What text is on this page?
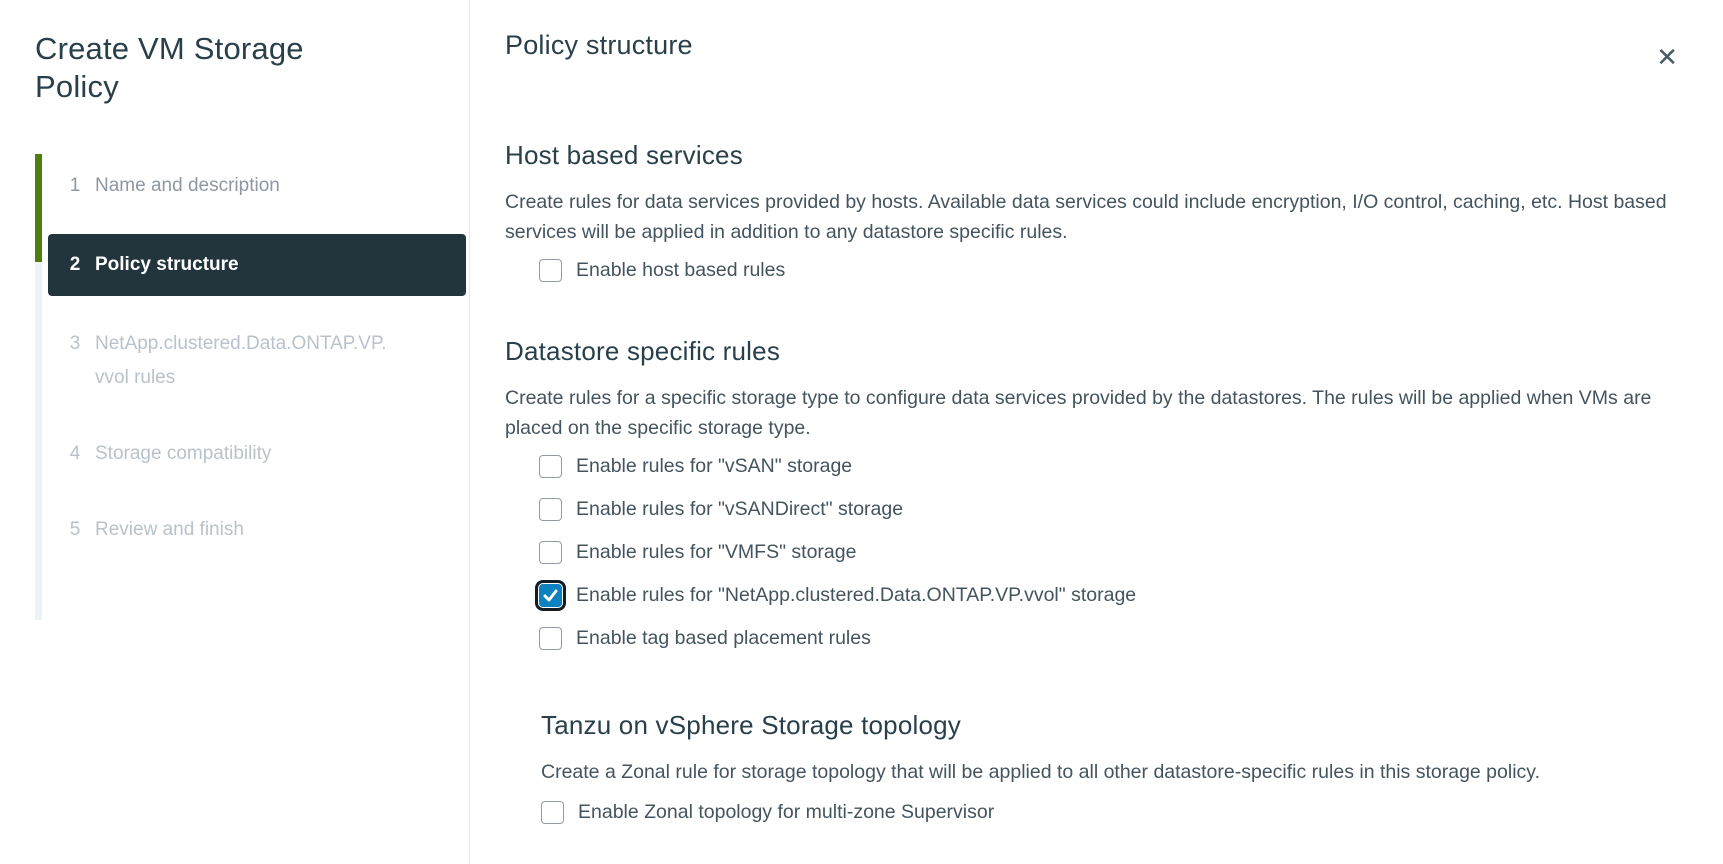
Create VM Storage Policy
1 Name and description
2 Policy structure
3 NetApp.clustered.Data.ONTAP.VP.vvol rules
4 Storage compatibility
5 Review and finish
Policy structure	✕
Host based services

Create rules for data services provided by hosts. Available data services could include encryption, I/O control, caching, etc. Host based services will be applied in addition to any datastore specific rules.

Enable host based rules
Datastore specific rules

Create rules for a specific storage type to configure data services provided by the datastores. The rules will be applied when VMs are placed on the specific storage type.

Enable rules for "vSAN" storage
Enable rules for "vSANDirect" storage
Enable rules for "VMFS" storage
Enable rules for "NetApp.clustered.Data.ONTAP.VP.vvol" storage
Enable tag based placement rules
Tanzu on vSphere Storage topology

Create a Zonal rule for storage topology that will be applied to all other datastore-specific rules in this storage policy.

Enable Zonal topology for multi-zone Supervisor
